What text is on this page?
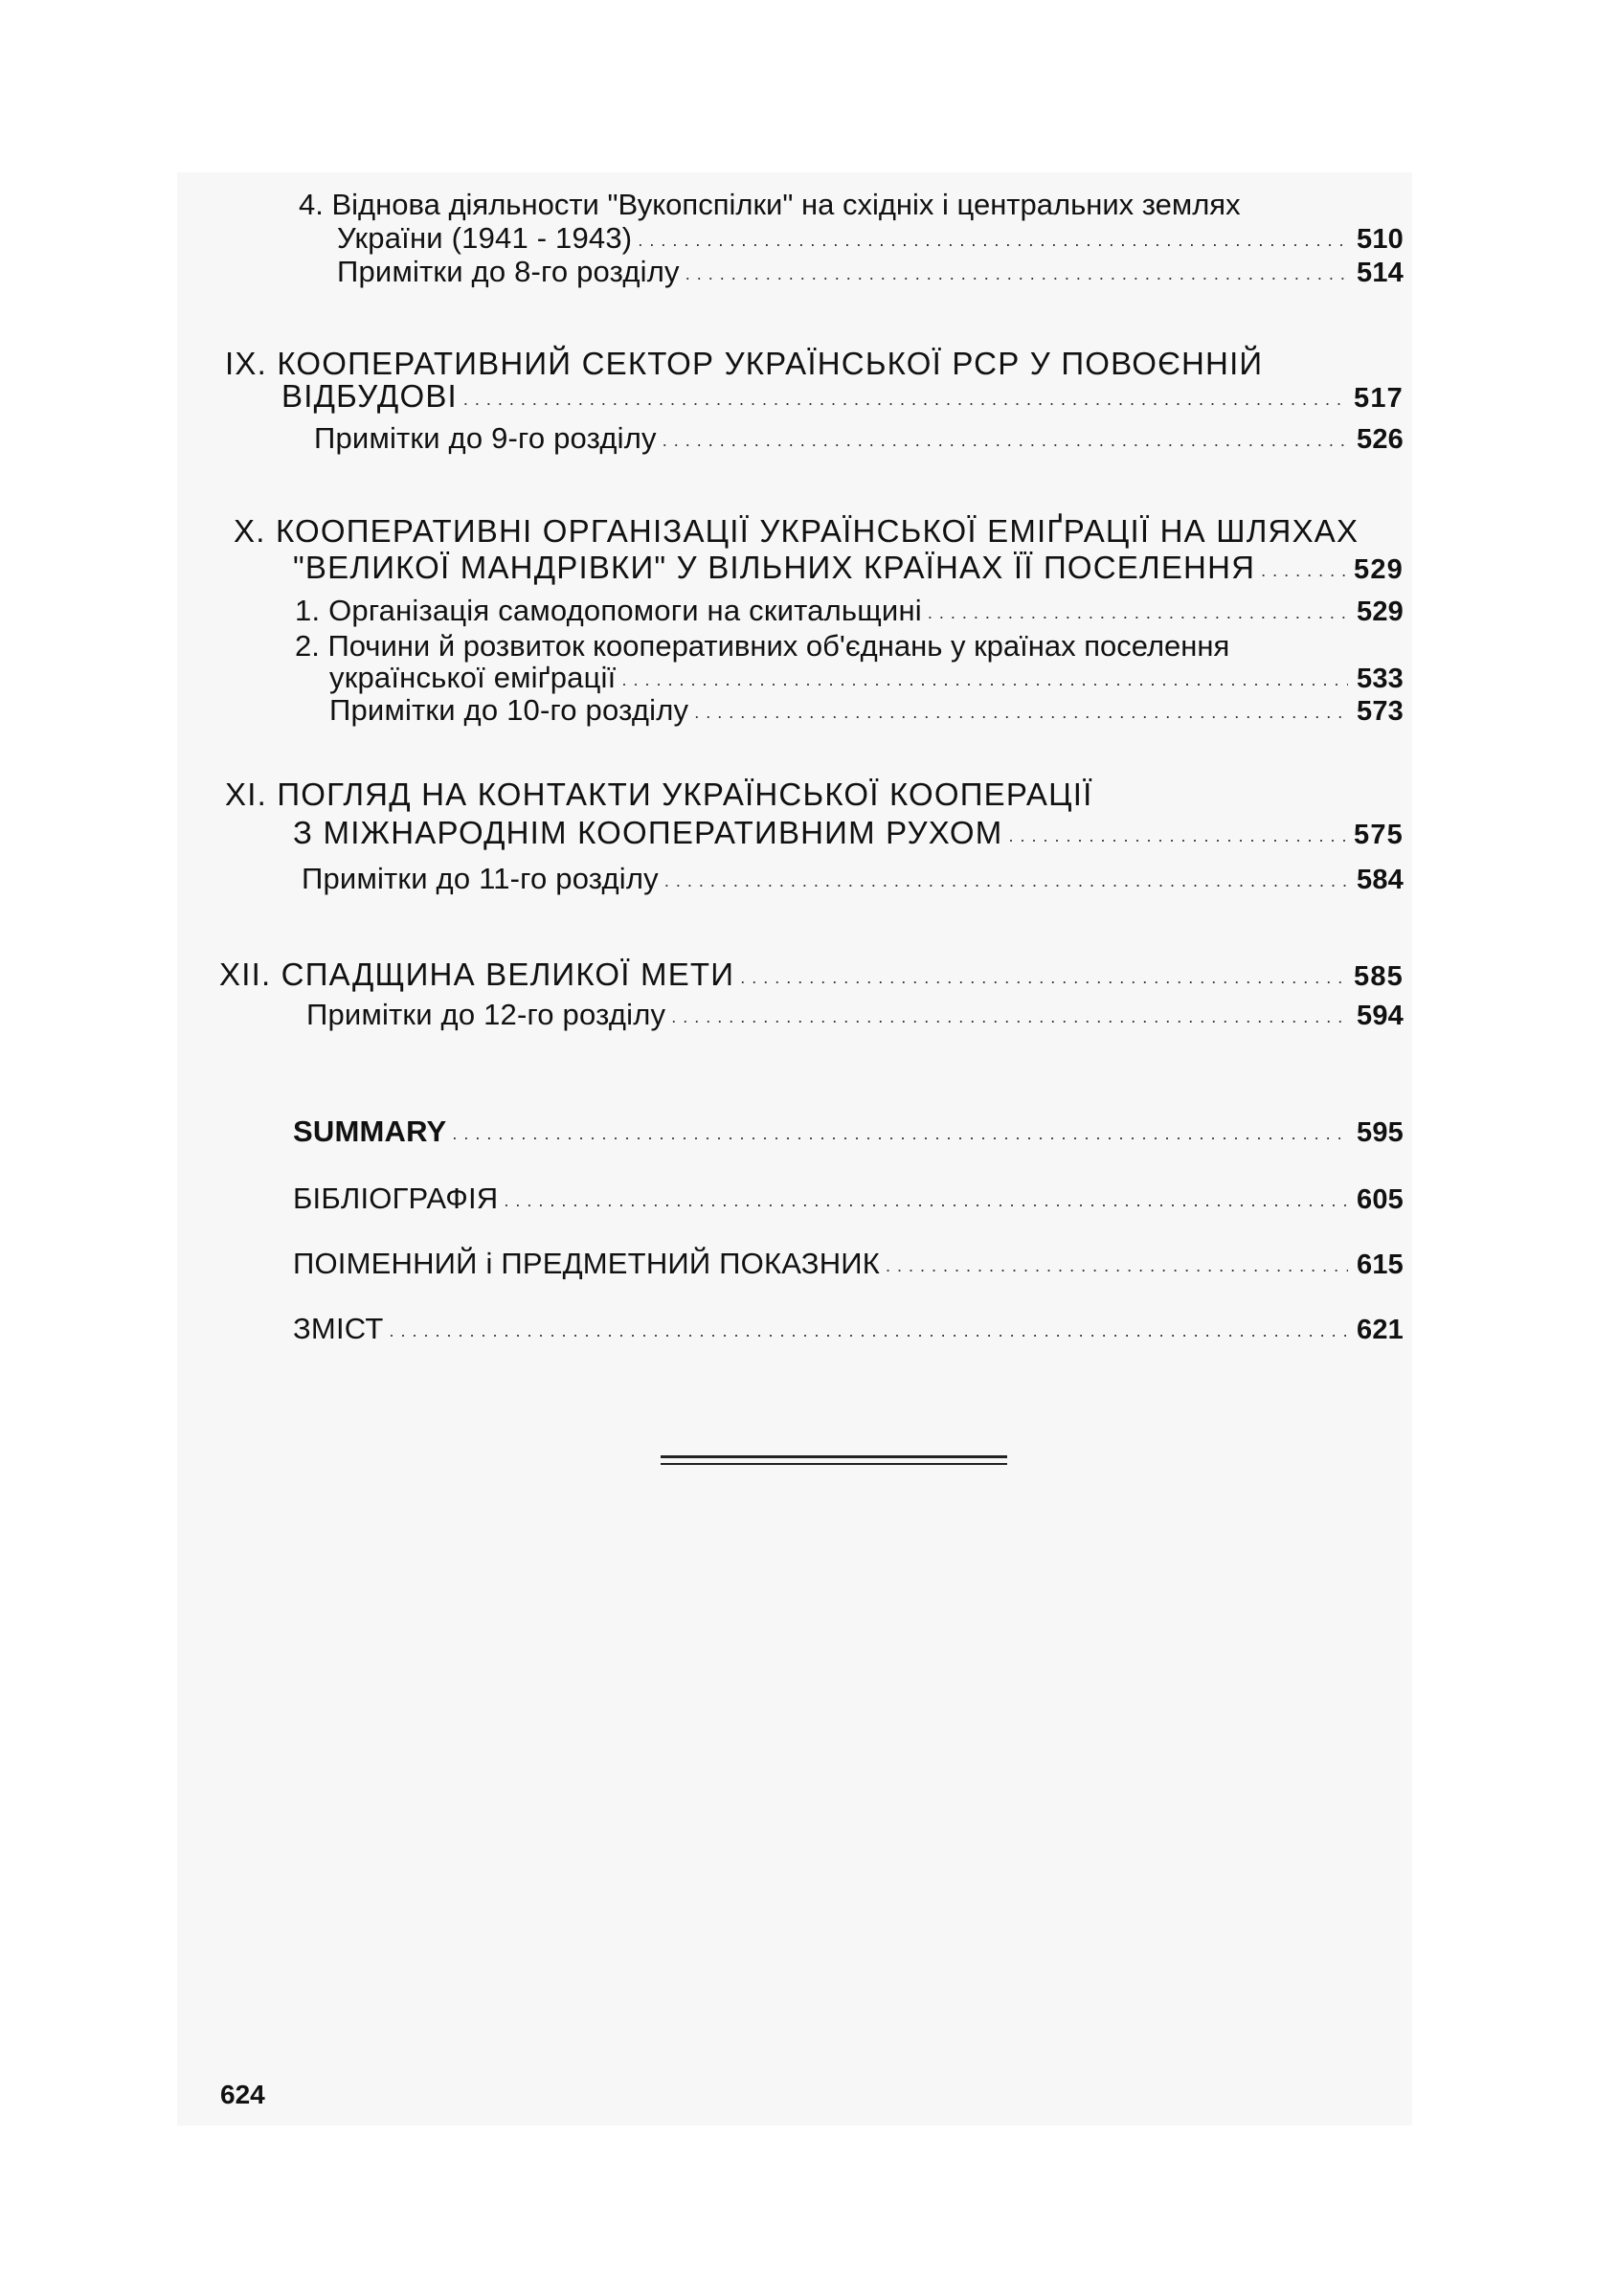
4. Віднова діяльности "Вукопспілки" на східніх і центральних землях
України (1941 - 1943) . . .	510
Примітки до 8-го розділу . . .	514
IX. КООПЕРАТИВНИЙ СЕКТОР УКРАЇНСЬКОЇ РСР У ПОВОЄННІЙ
ВІДБУДОВІ . . .	517
Примітки до 9-го розділу . . .	526
X. КООПЕРАТИВНІ ОРГАНІЗАЦІЇ УКРАЇНСЬКОЇ ЕМІҐРАЦІЇ НА ШЛЯХАХ
"ВЕЛИКОЇ МАНДРІВКИ" У ВІЛЬНИХ КРАЇНАХ ЇЇ ПОСЕЛЕННЯ . . .	529
1. Організація самодопомоги на скитальщині . . .	529
2. Почини й розвиток кооперативних об'єднань у країнах поселення
української еміґрації . . .	533
Примітки до 10-го розділу . . .	573
XI. ПОГЛЯД НА КОНТАКТИ УКРАЇНСЬКОЇ КООПЕРАЦІЇ
З МІЖНАРОДНІМ КООПЕРАТИВНИМ РУХОМ . . .	575
Примітки до 11-го розділу . . .	584
XII. СПАДЩИНА ВЕЛИКОЇ МЕТИ . . .	585
Примітки до 12-го розділу . . .	594
SUMMARY . . .	595
БІБЛІОГРАФІЯ . . .	605
ПОІМЕННИЙ і ПРЕДМЕТНИЙ ПОКАЗНИК . . .	615
ЗМІСТ . . .	621
624
